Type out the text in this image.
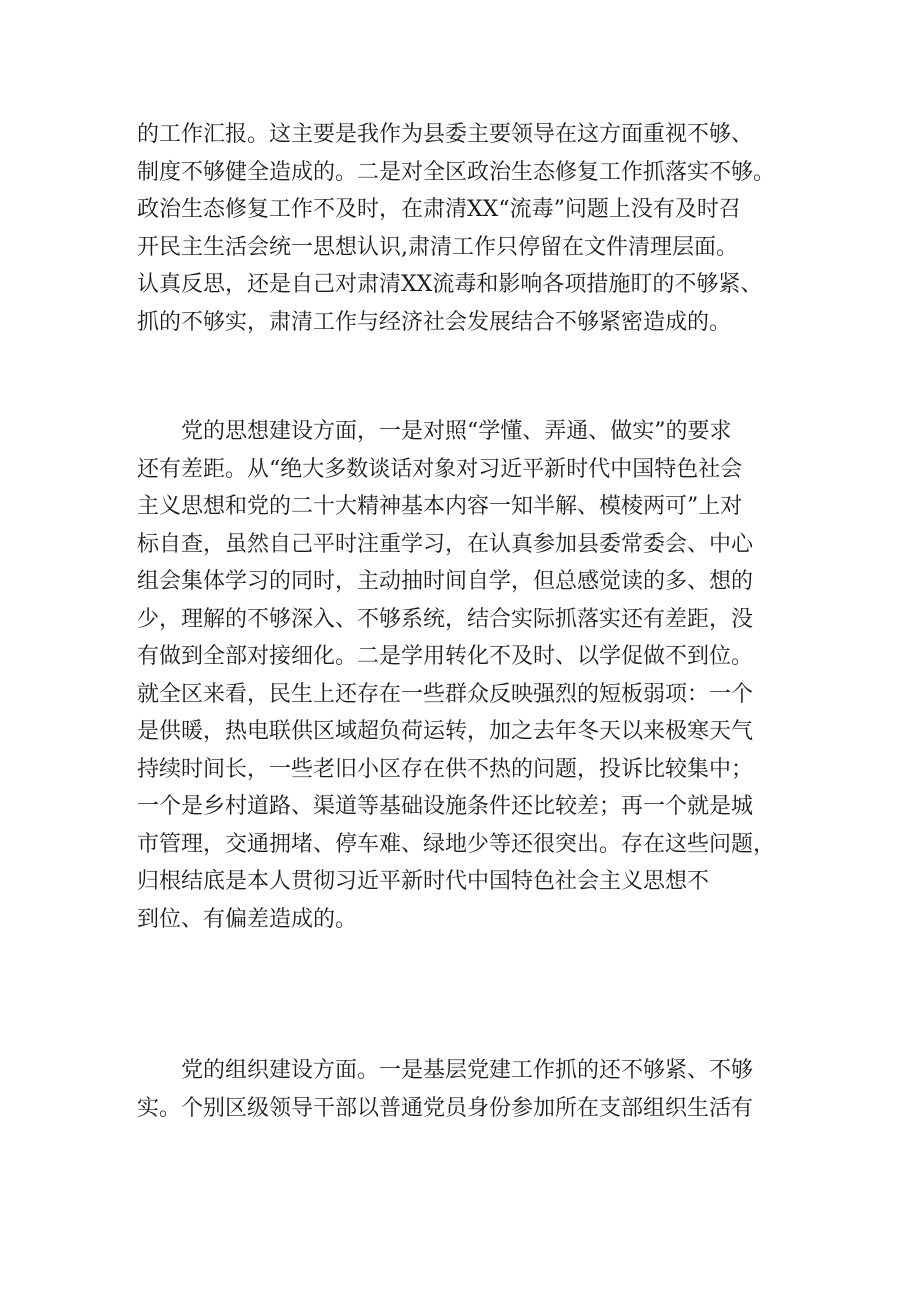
的工作汇报。这主要是我作为县委主要领导在这方面重视不够、
制度不够健全造成的。二是对全区政治生态修复工作抓落实不够。
政治生态修复工作不及时，在肃清XX“流毒”问题上没有及时召
开民主生活会统一思想认识,肃清工作只停留在文件清理层面。
认真反思，还是自己对肃清XX流毒和影响各项措施盯的不够紧、
抓的不够实，肃清工作与经济社会发展结合不够紧密造成的。
党的思想建设方面，一是对照“学懂、弄通、做实”的要求
还有差距。从“绝大多数谈话对象对习近平新时代中国特色社会
主义思想和党的二十大精神基本内容一知半解、模棱两可”上对
标自查，虽然自己平时注重学习，在认真参加县委常委会、中心
组会集体学习的同时，主动抽时间自学，但总感觉读的多、想的
少，理解的不够深入、不够系统，结合实际抓落实还有差距，没
有做到全部对接细化。二是学用转化不及时、以学促做不到位。
就全区来看，民生上还存在一些群众反映强烈的短板弱项：一个
是供暖，热电联供区域超负荷运转，加之去年冬天以来极寒天气
持续时间长，一些老旧小区存在供不热的问题，投诉比较集中；
一个是乡村道路、渠道等基础设施条件还比较差；再一个就是城
市管理，交通拥堵、停车难、绿地少等还很突出。存在这些问题，
归根结底是本人贯彻习近平新时代中国特色社会主义思想不
到位、有偏差造成的。
党的组织建设方面。一是基层党建工作抓的还不够紧、不够
实。个别区级领导干部以普通党员身份参加所在支部组织生活有
